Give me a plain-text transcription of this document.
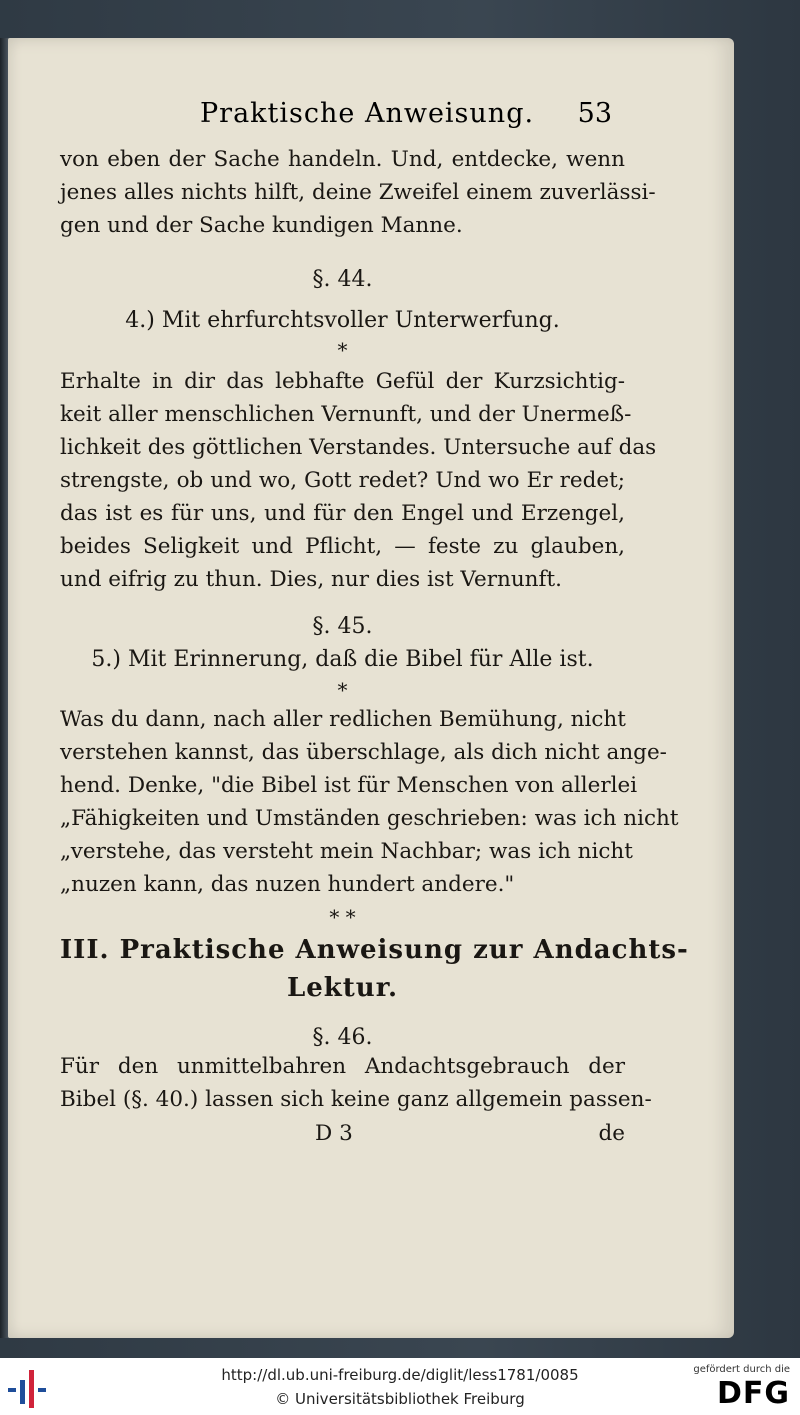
Praktische Anweisung. 53
von eben der Sache handeln. Und, entdecke, wenn
jenes alles nichts hilft, deine Zweifel einem zuverlässi-
gen und der Sache kundigen Manne.
§. 44.
4.) Mit ehrfurchtsvoller Unterwerfung.
*
Erhalte in dir das lebhafte Gefül der Kurzsichtig-
keit aller menschlichen Vernunft, und der Unermeß-
lichkeit des göttlichen Verstandes. Untersuche auf das
strengste, ob und wo, Gott redet? Und wo Er redet;
das ist es für uns, und für den Engel und Erzengel,
beides Seligkeit und Pflicht, — feste zu glauben,
und eifrig zu thun. Dies, nur dies ist Vernunft.
§. 45.
5.) Mit Erinnerung, daß die Bibel für Alle ist.
*
Was du dann, nach aller redlichen Bemühung, nicht
verstehen kannst, das überschlage, als dich nicht ange-
hend. Denke, "die Bibel ist für Menschen von allerlei
„Fähigkeiten und Umständen geschrieben: was ich nicht
„verstehe, das versteht mein Nachbar; was ich nicht
„nuzen kann, das nuzen hundert andere."
* *
III. Praktische Anweisung zur Andachts-
Lektur.
§. 46.
Für den unmittelbahren Andachtsgebrauch der
Bibel (§. 40.) lassen sich keine ganz allgemein passen-
D 3	de
http://dl.ub.uni-freiburg.de/diglit/less1781/0085
© Universitätsbibliothek Freiburg
gefördert durch die
DFG
